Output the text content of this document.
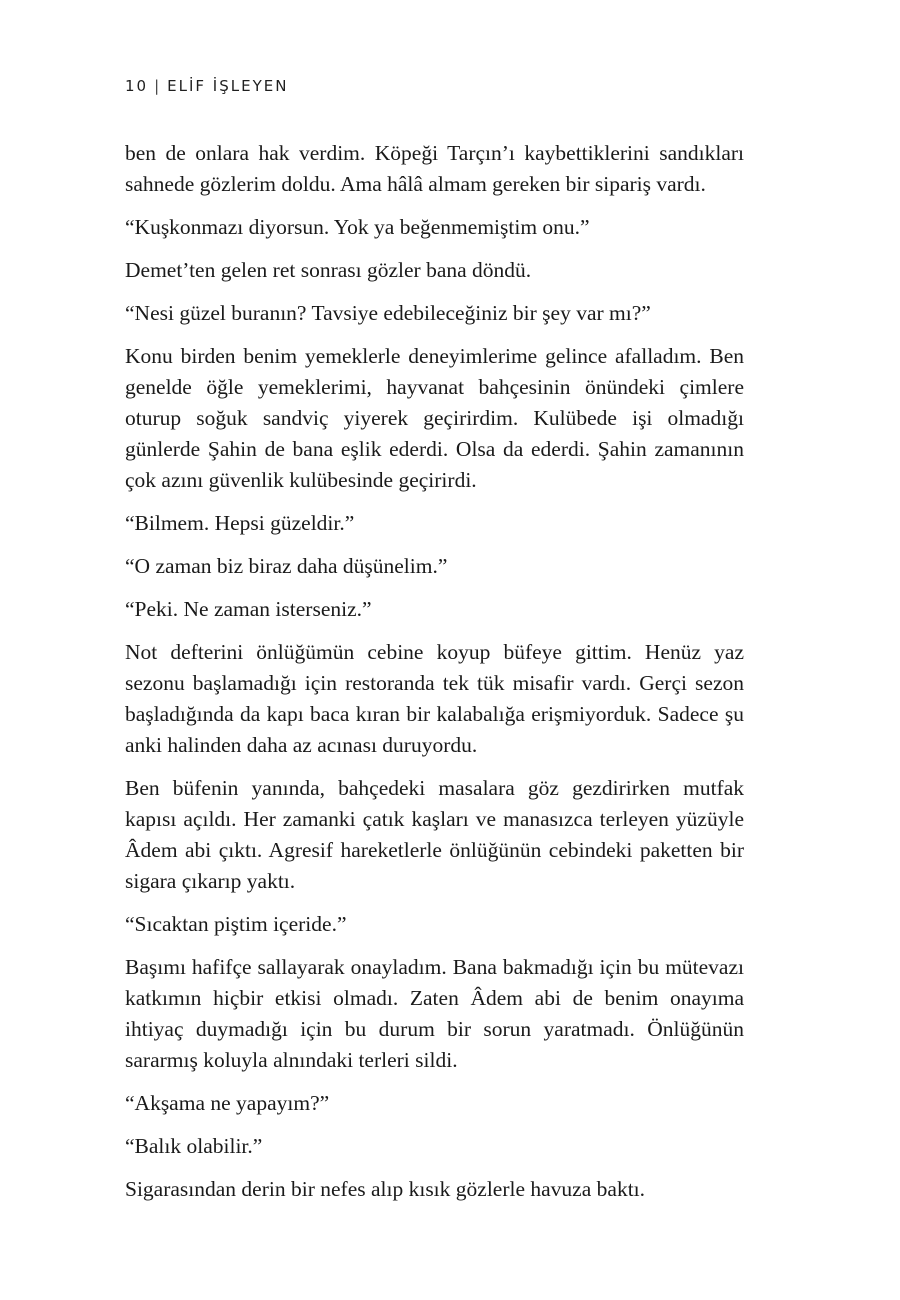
10 | ELİF İŞLEYEN

ben de onlara hak verdim. Köpeği Tarçın’ı kaybettiklerini sandıkları sahnede gözlerim doldu. Ama hâlâ almam gereken bir sipariş vardı.

“Kuşkonmazı diyorsun. Yok ya beğenmemiştim onu.”

Demet’ten gelen ret sonrası gözler bana döndü.

“Nesi güzel buranın? Tavsiye edebileceğiniz bir şey var mı?”

Konu birden benim yemeklerle deneyimlerime gelince afalladım. Ben genelde öğle yemeklerimi, hayvanat bahçesinin önündeki çimlere oturup soğuk sandviç yiyerek geçirirdim. Kulübede işi olmadığı günlerde Şahin de bana eşlik ederdi. Olsa da ederdi. Şahin zamanının çok azını güvenlik kulübesinde geçirirdi.

“Bilmem. Hepsi güzeldir.”

“O zaman biz biraz daha düşünelim.”

“Peki. Ne zaman isterseniz.”

Not defterini önlüğümün cebine koyup büfeye gittim. Henüz yaz sezonu başlamadığı için restoranda tek tük misafir vardı. Gerçi sezon başladığında da kapı baca kıran bir kalabalığa erişmiyorduk. Sadece şu anki halinden daha az acınası duruyordu.

Ben büfenin yanında, bahçedeki masalara göz gezdirirken mutfak kapısı açıldı. Her zamanki çatık kaşları ve manasızca terleyen yüzüyle Âdem abi çıktı. Agresif hareketlerle önlüğünün cebindeki paketten bir sigara çıkarıp yaktı.

“Sıcaktan piştim içeride.”

Başımı hafifçe sallayarak onayladım. Bana bakmadığı için bu mütevazı katkımın hiçbir etkisi olmadı. Zaten Âdem abi de benim onayıma ihtiyaç duymadığı için bu durum bir sorun yaratmadı. Önlüğünün sararmış koluyla alnındaki terleri sildi.

“Akşama ne yapayım?”

“Balık olabilir.”

Sigarasından derin bir nefes alıp kısık gözlerle havuza baktı.
